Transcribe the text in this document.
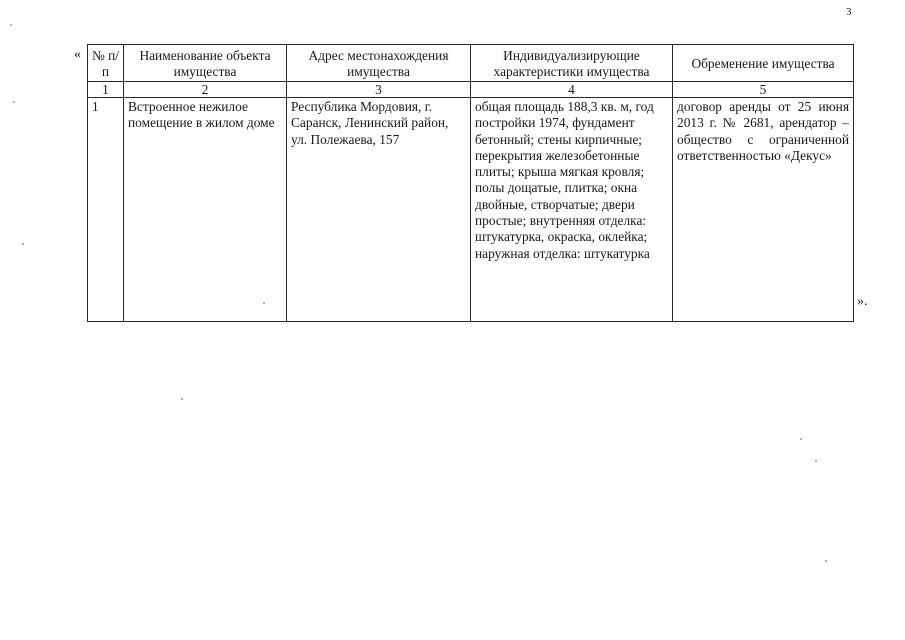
3
« № п/п	Наименование объекта имущества	Адрес местонахождения имущества	Индивидуализирующие характеристики имущества	Обременение имущества
1	2	3	4	5
1	Встроенное нежилое помещение в жилом доме	Республика Мордовия, г. Саранск, Ленинский район, ул. Полежаева, 157	общая площадь 188,3 кв. м, год постройки 1974, фундамент бетонный; стены кирпичные; перекрытия железобетонные плиты; крыша мягкая кровля; полы дощатые, плитка; окна двойные, створчатые; двери простые; внутренняя отделка: штукатурка, окраска, оклейка; наружная отделка: штукатурка	договор аренды от 25 июня 2013 г. № 2681, арендатор – общество с ограниченной ответственностью «Декус»
».
